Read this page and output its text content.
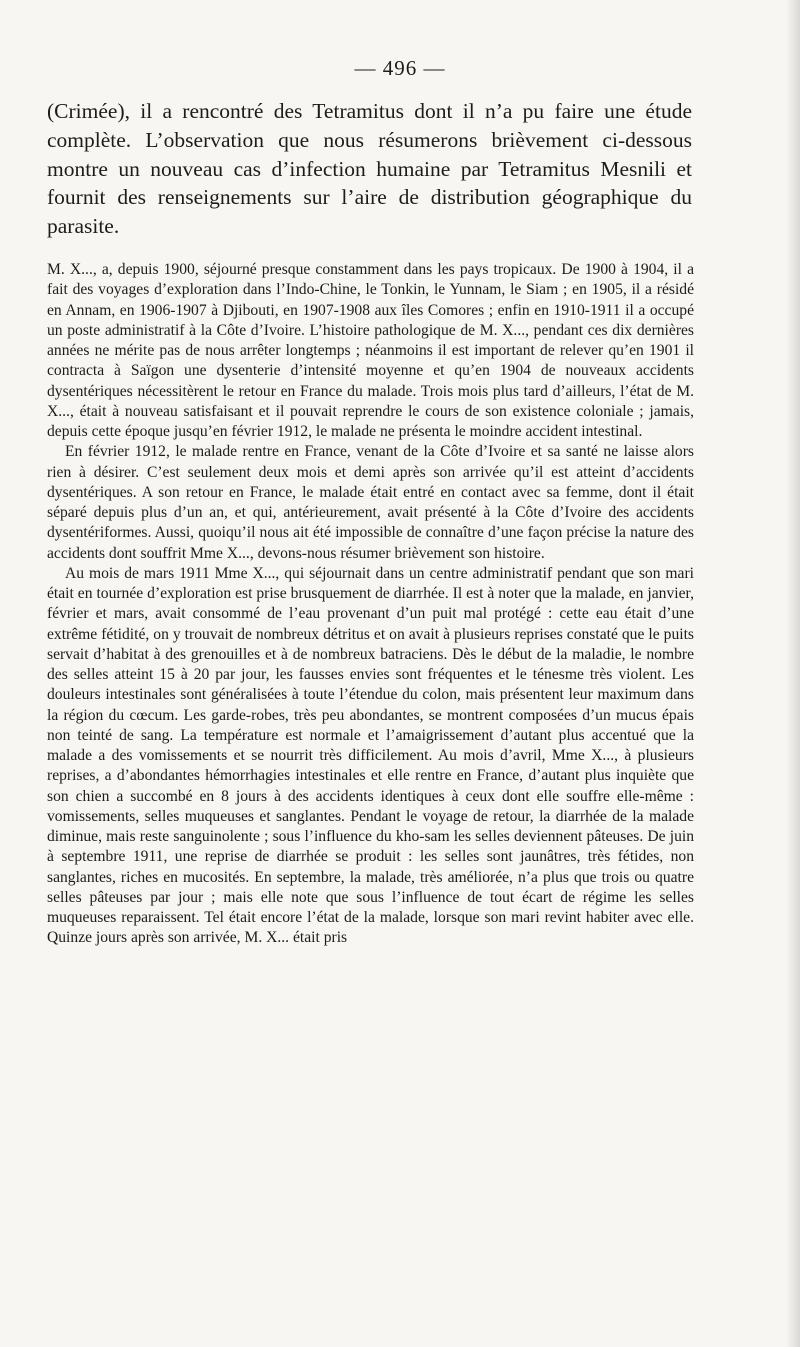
— 496 —

(Crimée), il a rencontré des Tetramitus dont il n’a pu faire une étude complète. L’observation que nous résumerons brièvement ci-dessous montre un nouveau cas d’infection humaine par Tetramitus Mesnili et fournit des renseignements sur l’aire de distribution géographique du parasite.

M. X..., a, depuis 1900, séjourné presque constamment dans les pays tropicaux. De 1900 à 1904, il a fait des voyages d’exploration dans l’Indo-Chine, le Tonkin, le Yunnam, le Siam ; en 1905, il a résidé en Annam, en 1906-1907 à Djibouti, en 1907-1908 aux îles Comores ; enfin en 1910-1911 il a occupé un poste administratif à la Côte d’Ivoire. L’histoire pathologique de M. X..., pendant ces dix dernières années ne mérite pas de nous arrêter longtemps ; néanmoins il est important de relever qu’en 1901 il contracta à Saïgon une dysenterie d’intensité moyenne et qu’en 1904 de nouveaux accidents dysentériques nécessitèrent le retour en France du malade. Trois mois plus tard d’ailleurs, l’état de M. X..., était à nouveau satisfaisant et il pouvait reprendre le cours de son existence coloniale ; jamais, depuis cette époque jusqu’en février 1912, le malade ne présenta le moindre accident intestinal.

En février 1912, le malade rentre en France, venant de la Côte d’Ivoire et sa santé ne laisse alors rien à désirer. C’est seulement deux mois et demi après son arrivée qu’il est atteint d’accidents dysentériques. A son retour en France, le malade était entré en contact avec sa femme, dont il était séparé depuis plus d’un an, et qui, antérieurement, avait présenté à la Côte d’Ivoire des accidents dysentériformes. Aussi, quoiqu’il nous ait été impossible de connaître d’une façon précise la nature des accidents dont souffrit Mme X..., devons-nous résumer brièvement son histoire.

Au mois de mars 1911 Mme X..., qui séjournait dans un centre administratif pendant que son mari était en tournée d’exploration est prise brusquement de diarrhée. Il est à noter que la malade, en janvier, février et mars, avait consommé de l’eau provenant d’un puit mal protégé : cette eau était d’une extrême fétidité, on y trouvait de nombreux détritus et on avait à plusieurs reprises constaté que le puits servait d’habitat à des grenouilles et à de nombreux batraciens. Dès le début de la maladie, le nombre des selles atteint 15 à 20 par jour, les fausses envies sont fréquentes et le ténesme très violent. Les douleurs intestinales sont généralisées à toute l’étendue du colon, mais présentent leur maximum dans la région du cœcum. Les garde-robes, très peu abondantes, se montrent composées d’un mucus épais non teinté de sang. La température est normale et l’amaigrissement d’autant plus accentué que la malade a des vomissements et se nourrit très difficilement. Au mois d’avril, Mme X..., à plusieurs reprises, a d’abondantes hémorrhagies intestinales et elle rentre en France, d’autant plus inquiète que son chien a succombé en 8 jours à des accidents identiques à ceux dont elle souffre elle-même : vomissements, selles muqueuses et sanglantes. Pendant le voyage de retour, la diarrhée de la malade diminue, mais reste sanguinolente ; sous l’influence du kho-sam les selles deviennent pâteuses. De juin à septembre 1911, une reprise de diarrhée se produit : les selles sont jaunâtres, très fétides, non sanglantes, riches en mucosités. En septembre, la malade, très améliorée, n’a plus que trois ou quatre selles pâteuses par jour ; mais elle note que sous l’influence de tout écart de régime les selles muqueuses reparaissent. Tel était encore l’état de la malade, lorsque son mari revint habiter avec elle. Quinze jours après son arrivée, M. X... était pris
